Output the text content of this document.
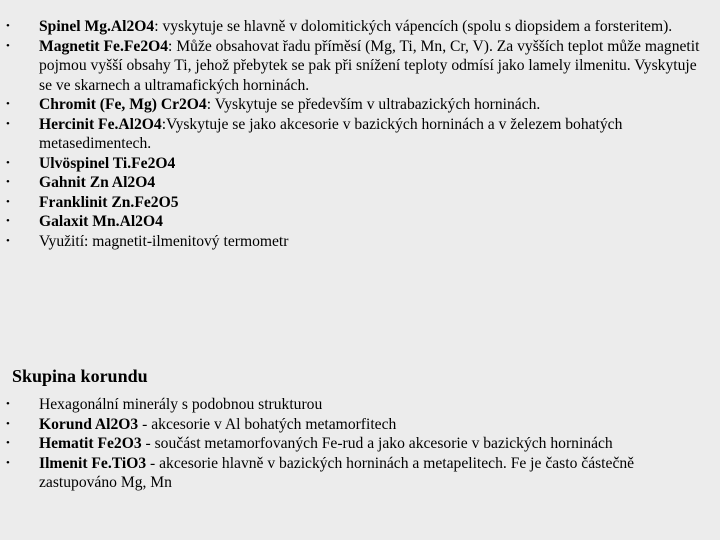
• Spinel Mg.Al2O4: vyskytuje se hlavně v dolomitických vápencích (spolu s diopsidem a forsteritem).
• Magnetit Fe.Fe2O4: Může obsahovat řadu příměsí (Mg, Ti, Mn, Cr, V). Za vyšších teplot může magnetit pojmou vyšší obsahy Ti, jehož přebytek se pak při snížení teploty odmísí jako lamely ilmenitu. Vyskytuje se ve skarnech a ultramafických horninách.
• Chromit (Fe, Mg) Cr2O4: Vyskytuje se především v ultrabazických horninách.
• Hercinit Fe.Al2O4:Vyskytuje se jako akcesorie v bazických horninách a v železem bohatých metasedimentech.
• Ulvöspinel Ti.Fe2O4
• Gahnit Zn Al2O4
• Franklinit Zn.Fe2O5
• Galaxit Mn.Al2O4
• Využití: magnetit-ilmenitový termometr
Skupina korundu
• Hexagonální minerály s podobnou strukturou
• Korund Al2O3 - akcesorie v Al bohatých metamorfitech
• Hematit Fe2O3 - součást metamorfovaných Fe-rud a jako akcesorie v bazických horninách
• Ilmenit Fe.TiO3 - akcesorie hlavně v bazických horninách a metapelitech. Fe je často částečně zastupováno Mg, Mn
